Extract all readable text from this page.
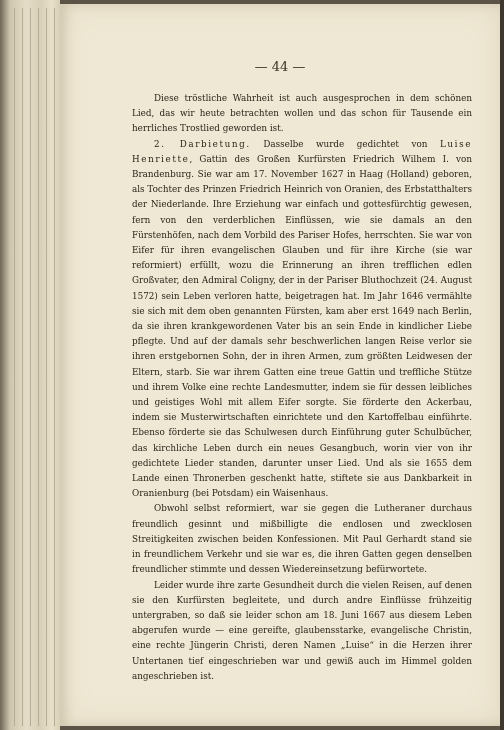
— 44 —

Diese tröstliche Wahrheit ist auch ausgesprochen in dem schönen Lied, das wir heute betrachten wollen und das schon für Tausende ein herrliches Trostlied geworden ist.

2. Darbietung. Dasselbe wurde gedichtet von Luise Henriette, Gattin des Großen Kurfürsten Friedrich Wilhem I. von Brandenburg. Sie war am 17. November 1627 in Haag (Holland) geboren, als Tochter des Prinzen Friedrich Heinrich von Oranien, des Erbstatthalters der Niederlande. Ihre Erziehung war einfach und gottesfürchtig gewesen, fern von den verderblichen Einflüssen, wie sie damals an den Fürstenhöfen, nach dem Vorbild des Pariser Hofes, herrschten. Sie war von Eifer für ihren evangelischen Glauben und für ihre Kirche (sie war reformiert) erfüllt, wozu die Erinnerung an ihren trefflichen edlen Großvater, den Admiral Coligny, der in der Pariser Bluthochzeit (24. August 1572) sein Leben verloren hatte, beigetragen hat. Im Jahr 1646 vermählte sie sich mit dem oben genannten Fürsten, kam aber erst 1649 nach Berlin, da sie ihren krankgewordenen Vater bis an sein Ende in kindlicher Liebe pflegte. Und auf der damals sehr beschwerlichen langen Reise verlor sie ihren erstgebornen Sohn, der in ihren Armen, zum größten Leidwesen der Eltern, starb. Sie war ihrem Gatten eine treue Gattin und treffliche Stütze und ihrem Volke eine rechte Landesmutter, indem sie für dessen leibliches und geistiges Wohl mit allem Eifer sorgte. Sie förderte den Ackerbau, indem sie Musterwirtschaften einrichtete und den Kartoffelbau einführte. Ebenso förderte sie das Schulwesen durch Einführung guter Schulbücher, das kirchliche Leben durch ein neues Gesangbuch, worin vier von ihr gedichtete Lieder standen, darunter unser Lied. Und als sie 1655 dem Lande einen Thronerben geschenkt hatte, stiftete sie aus Dankbarkeit in Oranienburg (bei Potsdam) ein Waisenhaus.

Obwohl selbst reformiert, war sie gegen die Lutheraner durchaus freundlich gesinnt und mißbilligte die endlosen und zwecklosen Streitigkeiten zwischen beiden Konfessionen. Mit Paul Gerhardt stand sie in freundlichem Verkehr und sie war es, die ihren Gatten gegen denselben freundlicher stimmte und dessen Wiedereinsetzung befürwortete.

Leider wurde ihre zarte Gesundheit durch die vielen Reisen, auf denen sie den Kurfürsten begleitete, und durch andre Einflüsse frühzeitig untergraben, so daß sie leider schon am 18. Juni 1667 aus diesem Leben abgerufen wurde — eine gereifte, glaubensstarke, evangelische Christin, eine rechte Jüngerin Christi, deren Namen „Luise“ in die Herzen ihrer Untertanen tief eingeschrieben war und gewiß auch im Himmel golden angeschrieben ist.
